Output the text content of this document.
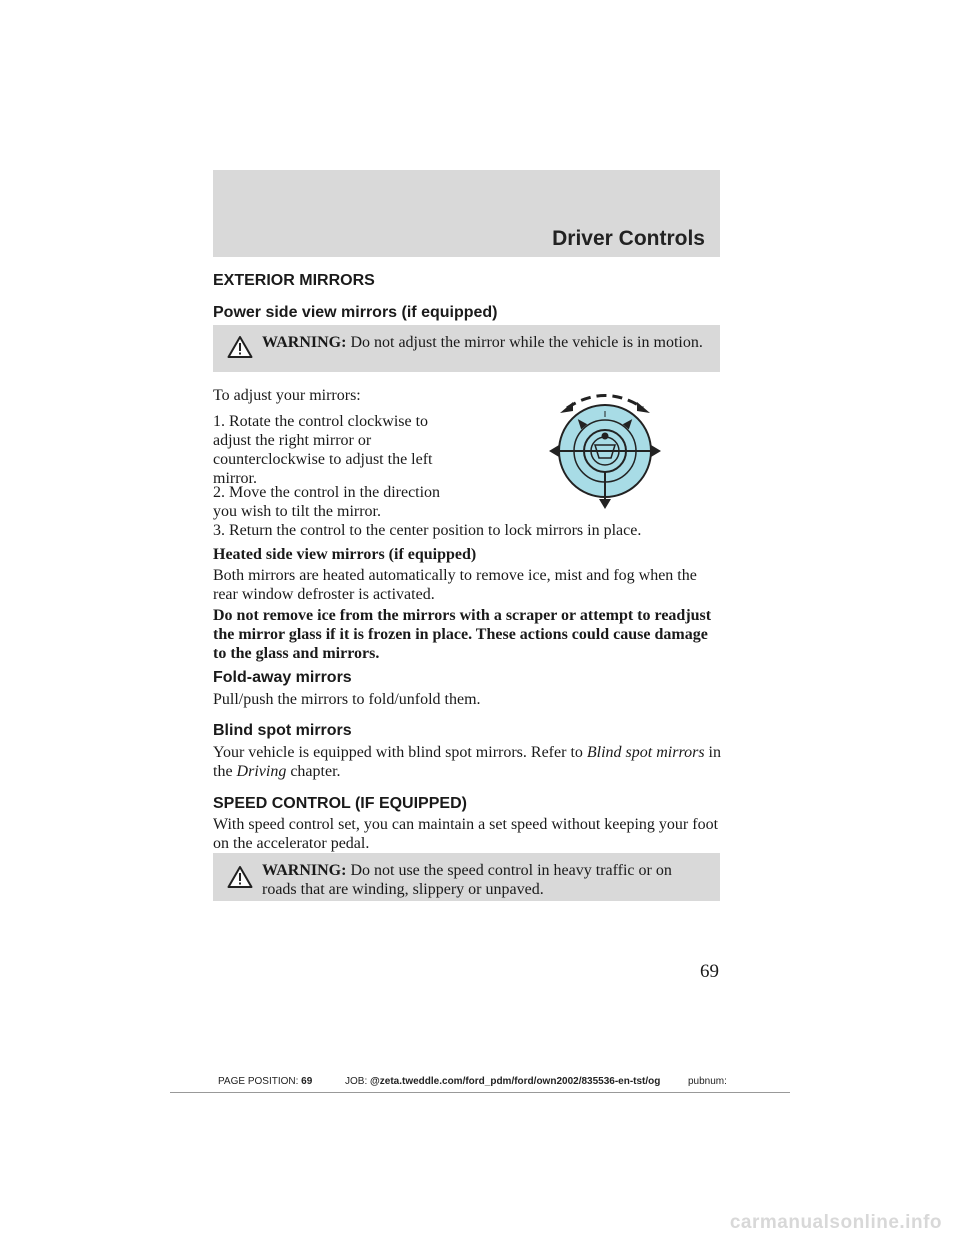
Driver Controls
EXTERIOR MIRRORS
Power side view mirrors (if equipped)
WARNING: Do not adjust the mirror while the vehicle is in motion.

To adjust your mirrors:

1. Rotate the control clockwise to adjust the right mirror or counterclockwise to adjust the left mirror.

2. Move the control in the direction you wish to tilt the mirror.

3. Return the control to the center position to lock mirrors in place.

Heated side view mirrors (if equipped)

Both mirrors are heated automatically to remove ice, mist and fog when the rear window defroster is activated.

Do not remove ice from the mirrors with a scraper or attempt to readjust the mirror glass if it is frozen in place. These actions could cause damage to the glass and mirrors.

Fold-away mirrors

Pull/push the mirrors to fold/unfold them.

Blind spot mirrors

Your vehicle is equipped with blind spot mirrors. Refer to Blind spot mirrors in the Driving chapter.

SPEED CONTROL (IF EQUIPPED)

With speed control set, you can maintain a set speed without keeping your foot on the accelerator pedal.

WARNING: Do not use the speed control in heavy traffic or on roads that are winding, slippery or unpaved.
69
PAGE POSITION: 69	JOB: @zeta.tweddle.com/ford_pdm/ford/own2002/835536-en-tst/og	pubnum:
carmanualsonline.info
